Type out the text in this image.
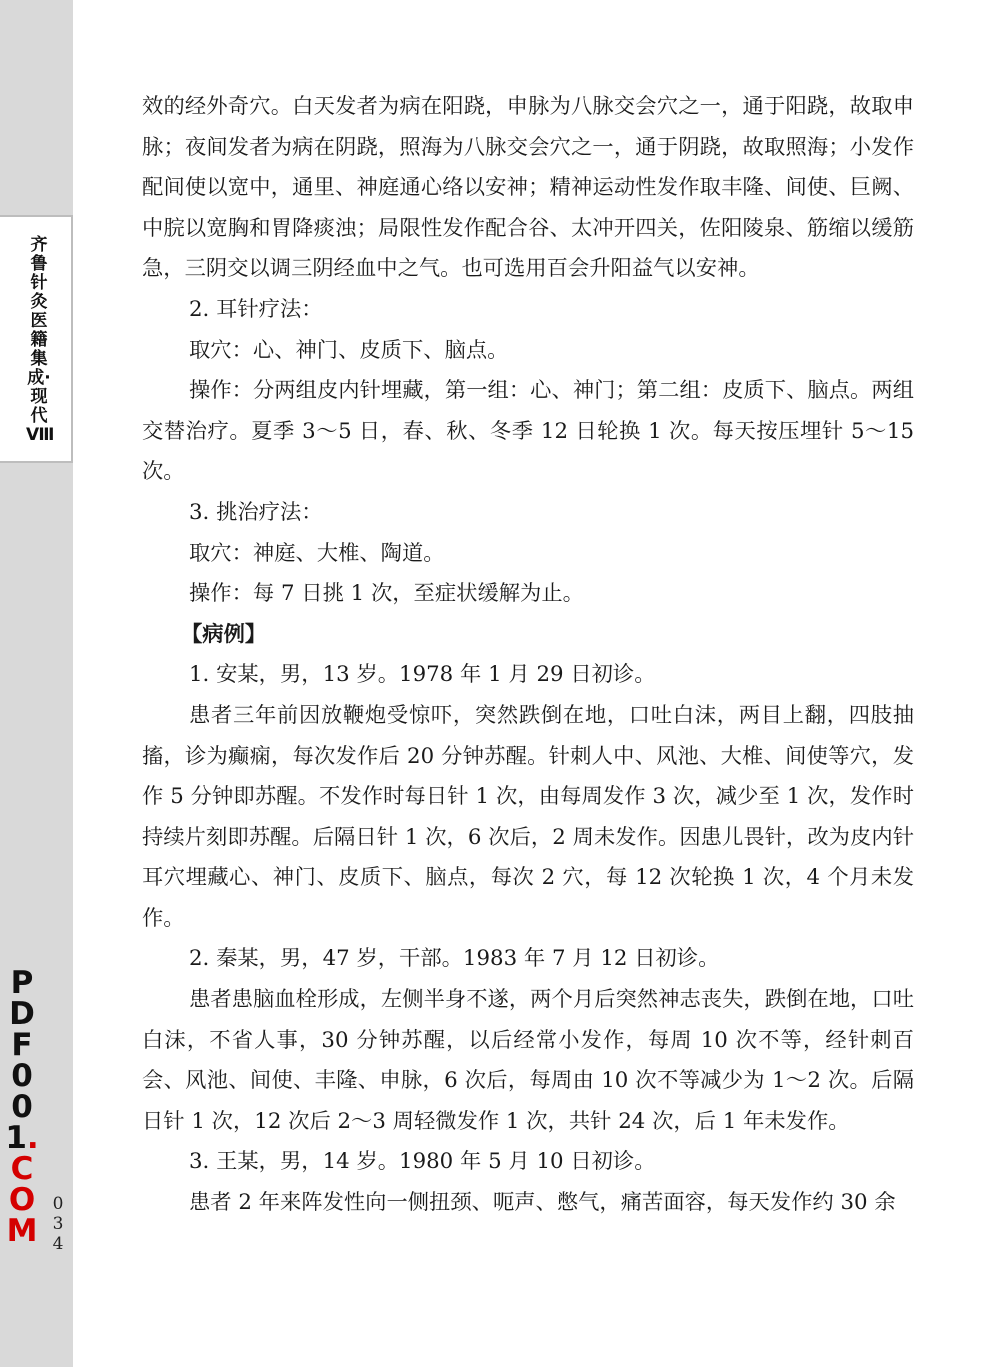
齐鲁针灸医籍集成·现代Ⅷ
PDF001.COM
034

效的经外奇穴。白天发者为病在阳跷，申脉为八脉交会穴之一，通于阳跷，故取申脉；夜间发者为病在阴跷，照海为八脉交会穴之一，通于阴跷，故取照海；小发作配间使以宽中，通里、神庭通心络以安神；精神运动性发作取丰隆、间使、巨阙、中脘以宽胸和胃降痰浊；局限性发作配合谷、太冲开四关，佐阳陵泉、筋缩以缓筋急，三阴交以调三阴经血中之气。也可选用百会升阳益气以安神。

2. 耳针疗法：

取穴：心、神门、皮质下、脑点。

操作：分两组皮内针埋藏，第一组：心、神门；第二组：皮质下、脑点。两组交替治疗。夏季 3～5 日，春、秋、冬季 12 日轮换 1 次。每天按压埋针 5～15 次。

3. 挑治疗法：

取穴：神庭、大椎、陶道。

操作：每 7 日挑 1 次，至症状缓解为止。

【病例】

1. 安某，男，13 岁。1978 年 1 月 29 日初诊。

患者三年前因放鞭炮受惊吓，突然跌倒在地，口吐白沫，两目上翻，四肢抽搐，诊为癫痫，每次发作后 20 分钟苏醒。针刺人中、风池、大椎、间使等穴，发作 5 分钟即苏醒。不发作时每日针 1 次，由每周发作 3 次，减少至 1 次，发作时持续片刻即苏醒。后隔日针 1 次，6 次后，2 周未发作。因患儿畏针，改为皮内针耳穴埋藏心、神门、皮质下、脑点，每次 2 穴，每 12 次轮换 1 次，4 个月未发作。

2. 秦某，男，47 岁，干部。1983 年 7 月 12 日初诊。

患者患脑血栓形成，左侧半身不遂，两个月后突然神志丧失，跌倒在地，口吐白沫，不省人事，30 分钟苏醒，以后经常小发作，每周 10 次不等，经针刺百会、风池、间使、丰隆、申脉，6 次后，每周由 10 次不等减少为 1～2 次。后隔日针 1 次，12 次后 2～3 周轻微发作 1 次，共针 24 次，后 1 年未发作。

3. 王某，男，14 岁。1980 年 5 月 10 日初诊。

患者 2 年来阵发性向一侧扭颈、呃声、憋气，痛苦面容，每天发作约 30 余
